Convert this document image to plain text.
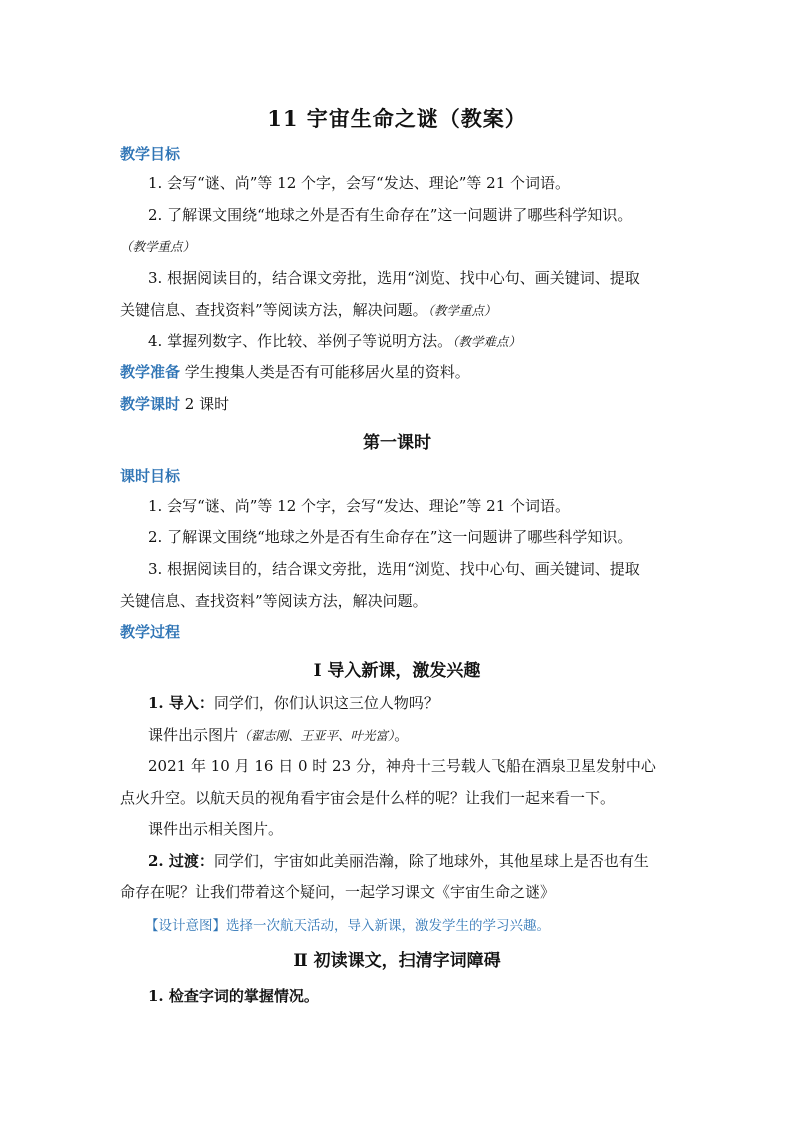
11 宇宙生命之谜（教案）
教学目标
1. 会写“谜、尚”等 12 个字，会写“发达、理论”等 21 个词语。
2. 了解课文围绕“地球之外是否有生命存在”这一问题讲了哪些科学知识。
（教学重点）
3. 根据阅读目的，结合课文旁批，选用“浏览、找中心句、画关键词、提取
关键信息、查找资料”等阅读方法，解决问题。（教学重点）
4. 掌握列数字、作比较、举例子等说明方法。（教学难点）
教学准备 学生搜集人类是否有可能移居火星的资料。
教学课时 2 课时
第一课时
课时目标
1. 会写“谜、尚”等 12 个字，会写“发达、理论”等 21 个词语。
2. 了解课文围绕“地球之外是否有生命存在”这一问题讲了哪些科学知识。
3. 根据阅读目的，结合课文旁批，选用“浏览、找中心句、画关键词、提取
关键信息、查找资料”等阅读方法，解决问题。
教学过程
Ⅰ 导入新课，激发兴趣
1. 导入：同学们，你们认识这三位人物吗？
课件出示图片（翟志刚、王亚平、叶光富）。
2021 年 10 月 16 日 0 时 23 分，神舟十三号载人飞船在酒泉卫星发射中心
点火升空。以航天员的视角看宇宙会是什么样的呢？让我们一起来看一下。
课件出示相关图片。
2. 过渡：同学们，宇宙如此美丽浩瀚，除了地球外，其他星球上是否也有生
命存在呢？让我们带着这个疑问，一起学习课文《宇宙生命之谜》
【设计意图】选择一次航天活动，导入新课，激发学生的学习兴趣。
Ⅱ 初读课文，扫清字词障碍
1. 检查字词的掌握情况。
